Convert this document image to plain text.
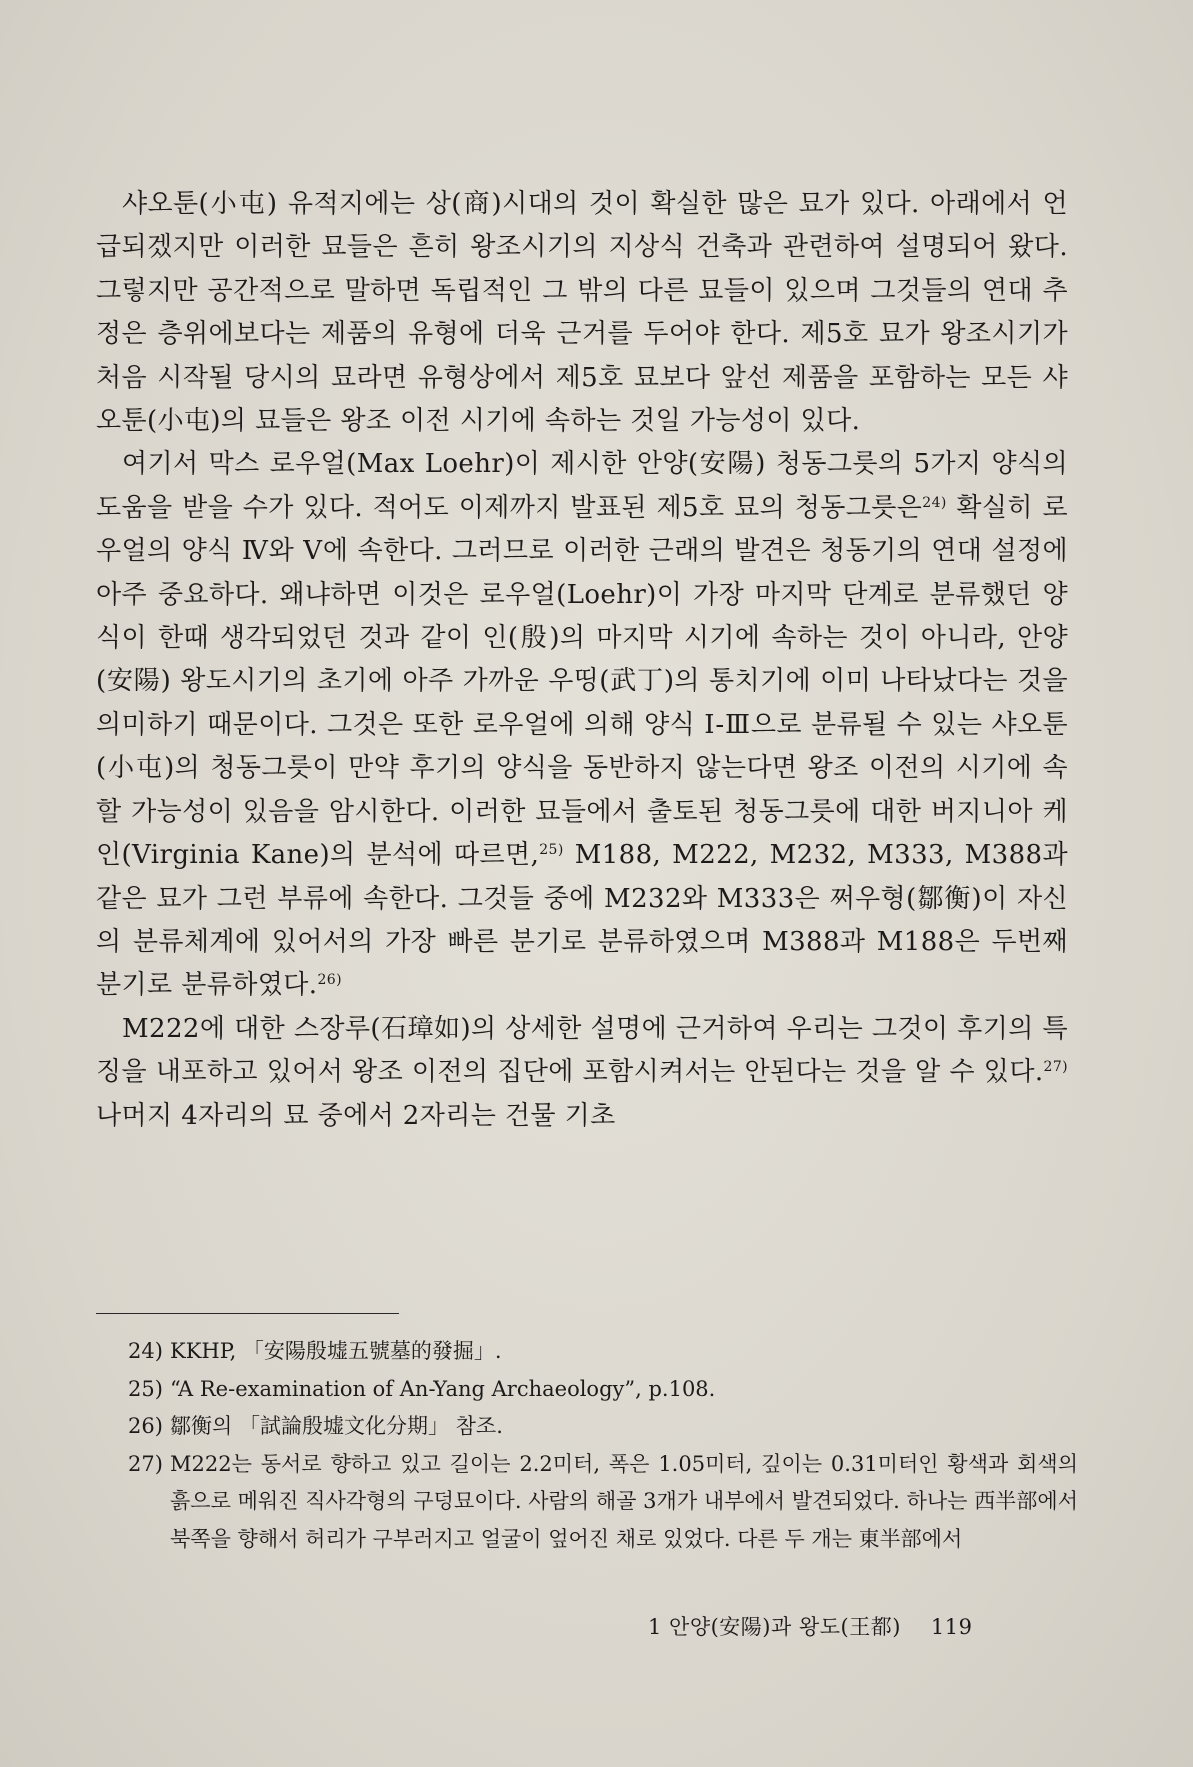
샤오툰(小屯) 유적지에는 상(商)시대의 것이 확실한 많은 묘가 있다. 아래에서 언급되겠지만 이러한 묘들은 흔히 왕조시기의 지상식 건축과 관련하여 설명되어 왔다. 그렇지만 공간적으로 말하면 독립적인 그 밖의 다른 묘들이 있으며 그것들의 연대 추정은 층위에보다는 제품의 유형에 더욱 근거를 두어야 한다. 제5호 묘가 왕조시기가 처음 시작될 당시의 묘라면 유형상에서 제5호 묘보다 앞선 제품을 포함하는 모든 샤오툰(小屯)의 묘들은 왕조 이전 시기에 속하는 것일 가능성이 있다.

여기서 막스 로우얼(Max Loehr)이 제시한 안양(安陽) 청동그릇의 5가지 양식의 도움을 받을 수가 있다. 적어도 이제까지 발표된 제5호 묘의 청동그릇은$^{24)}$ 확실히 로우얼의 양식 Ⅳ와 Ⅴ에 속한다. 그러므로 이러한 근래의 발견은 청동기의 연대 설정에 아주 중요하다. 왜냐하면 이것은 로우얼(Loehr)이 가장 마지막 단계로 분류했던 양식이 한때 생각되었던 것과 같이 인(殷)의 마지막 시기에 속하는 것이 아니라, 안양(安陽) 왕도시기의 초기에 아주 가까운 우띵(武丁)의 통치기에 이미 나타났다는 것을 의미하기 때문이다. 그것은 또한 로우얼에 의해 양식 Ⅰ-Ⅲ으로 분류될 수 있는 샤오툰(小屯)의 청동그릇이 만약 후기의 양식을 동반하지 않는다면 왕조 이전의 시기에 속할 가능성이 있음을 암시한다. 이러한 묘들에서 출토된 청동그릇에 대한 버지니아 케인(Virginia Kane)의 분석에 따르면,$^{25)}$ M188, M222, M232, M333, M388과 같은 묘가 그런 부류에 속한다. 그것들 중에 M232와 M333은 쩌우형(鄒衡)이 자신의 분류체계에 있어서의 가장 빠른 분기로 분류하였으며 M388과 M188은 두번째 분기로 분류하였다.$^{26)}$

M222에 대한 스장루(石璋如)의 상세한 설명에 근거하여 우리는 그것이 후기의 특징을 내포하고 있어서 왕조 이전의 집단에 포함시켜서는 안된다는 것을 알 수 있다.$^{27)}$ 나머지 4자리의 묘 중에서 2자리는 건물 기초

24) KKHP, 「安陽殷墟五號墓的發掘」.
25) “A Re-examination of An-Yang Archaeology”, p.108.
26) 鄒衡의 「試論殷墟文化分期」 참조.
27) M222는 동서로 향하고 있고 길이는 2.2미터, 폭은 1.05미터, 깊이는 0.31미터인 황색과 회색의 흙으로 메워진 직사각형의 구덩묘이다. 사람의 해골 3개가 내부에서 발견되었다. 하나는 西半部에서 북쪽을 향해서 허리가 구부러지고 얼굴이 엎어진 채로 있었다. 다른 두 개는 東半部에서
1 안양(安陽)과 왕도(王都) 119
